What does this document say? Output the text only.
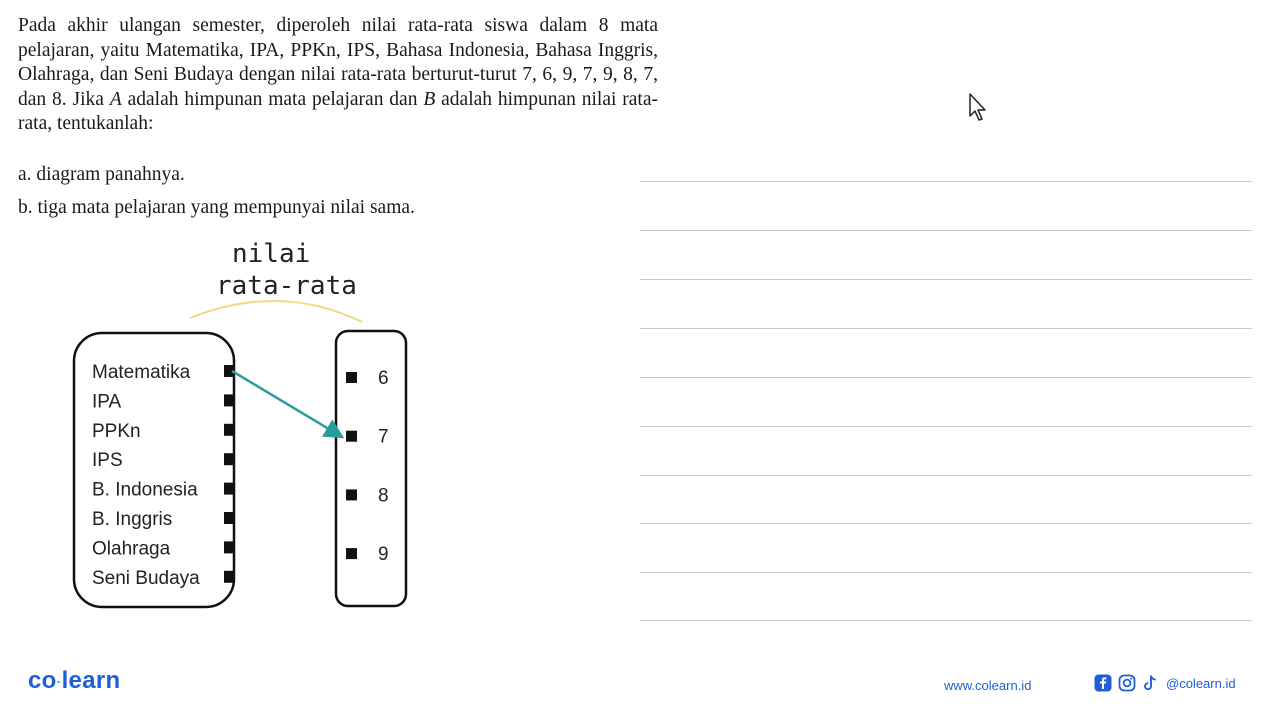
Pada akhir ulangan semester, diperoleh nilai rata-rata siswa dalam 8 mata pelajaran, yaitu Matematika, IPA, PPKn, IPS, Bahasa Indonesia, Bahasa Inggris, Olahraga, dan Seni Budaya dengan nilai rata-rata berturut-turut 7, 6, 9, 7, 9, 8, 7, dan 8. Jika A adalah himpunan mata pelajaran dan B adalah himpunan nilai rata-rata, tentukanlah:

a. diagram panahnya.
b. tiga mata pelajaran yang mempunyai nilai sama.
nilai
rata-rata
Matematika
IPA
PPKn
IPS
B. Indonesia
B. Inggris
Olahraga
Seni Budaya
6
7
8
9
co·learn	www.colearn.id	@colearn.id
